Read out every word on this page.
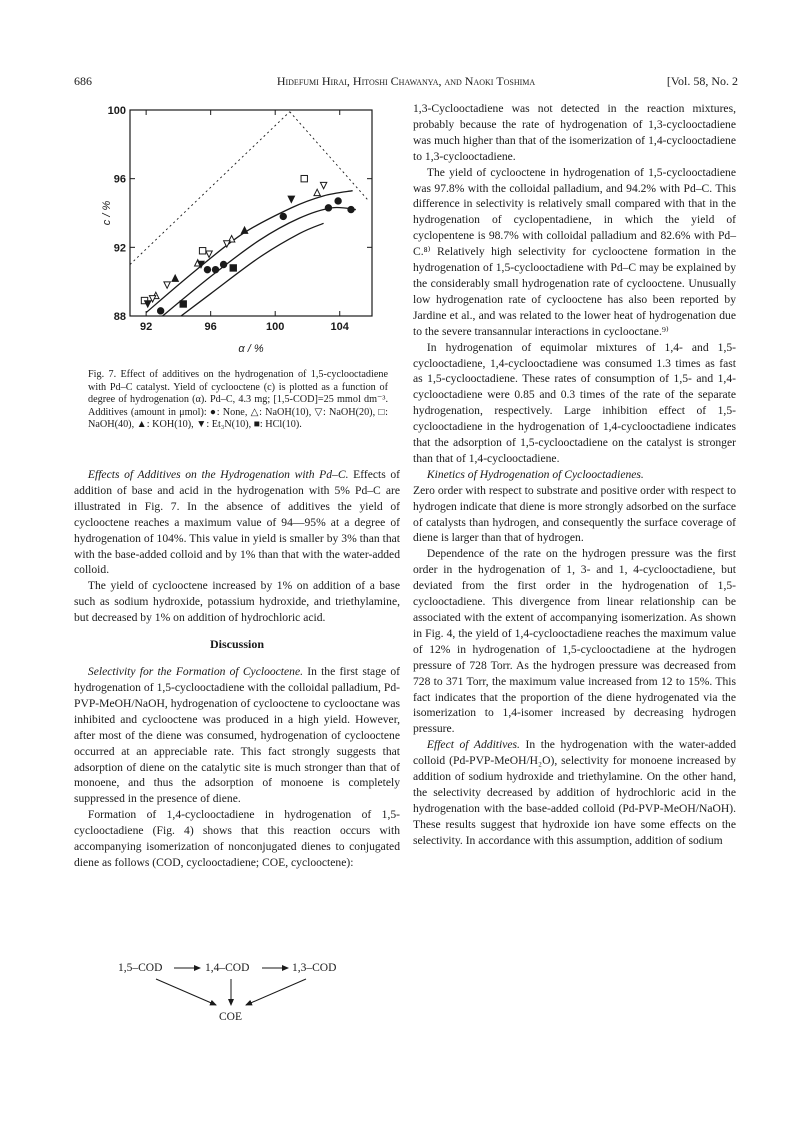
686	Hidefumi Hirai, Hitoshi Chawanya, and Naoki Toshima	[Vol. 58, No. 2
92	96	100	104
100
96
92
88
α / %
c / %
Fig. 7. Effect of additives on the hydrogenation of 1,5-cyclooctadiene with Pd–C catalyst. Yield of cyclooctene (c) is plotted as a function of degree of hydrogenation (α). Pd–C, 4.3 mg; [1,5-COD]=25 mmol dm⁻³. Additives (amount in μmol): ●: None, △: NaOH(10), ▽: NaOH(20), □: NaOH(40), ▲: KOH(10), ▼: Et₃N(10), ■: HCl(10).

Effects of Additives on the Hydrogenation with Pd–C. Effects of addition of base and acid in the hydrogenation with 5% Pd–C are illustrated in Fig. 7. In the absence of additives the yield of cyclooctene reaches a maximum value of 94—95% at a degree of hydrogenation of 104%. This value in yield is smaller by 3% than that with the base-added colloid and by 1% than that with the water-added colloid.

The yield of cyclooctene increased by 1% on addition of a base such as sodium hydroxide, potassium hydroxide, and triethylamine, but decreased by 1% on addition of hydrochloric acid.

Discussion

Selectivity for the Formation of Cyclooctene. In the first stage of hydrogenation of 1,5-cyclooctadiene with the colloidal palladium, Pd-PVP-MeOH/NaOH, hydrogenation of cyclooctene to cyclooctane was inhibited and cyclooctene was produced in a high yield. However, after most of the diene was consumed, hydrogenation of cyclooctene occurred at an appreciable rate. This fact strongly suggests that adsorption of diene on the catalytic site is much stronger than that of monoene, and thus the adsorption of monoene is completely suppressed in the presence of diene.

Formation of 1,4-cyclooctadiene in hydrogenation of 1,5-cyclooctadiene (Fig. 4) shows that this reaction occurs with accompanying isomerization of nonconjugated dienes to conjugated diene as follows (COD, cyclooctadiene; COE, cyclooctene):

1,5–COD	1,4–COD	1,3–COD
COE

1,3-Cyclooctadiene was not detected in the reaction mixtures, probably because the rate of hydrogenation of 1,3-cyclooctadiene was much higher than that of the isomerization of 1,4-cyclooctadiene to 1,3-cyclooctadiene.

The yield of cyclooctene in hydrogenation of 1,5-cyclooctadiene was 97.8% with the colloidal palladium, and 94.2% with Pd–C. This difference in selectivity is relatively small compared with that in the hydrogenation of cyclopentadiene, in which the yield of cyclopentene is 98.7% with colloidal palladium and 82.6% with Pd–C.⁸⁾ Relatively high selectivity for cyclooctene formation in the hydrogenation of 1,5-cyclooctadiene with Pd–C may be explained by the considerably small hydrogenation rate of cyclooctene. Unusually low hydrogenation rate of cyclooctene has also been reported by Jardine et al., and was related to the lower heat of hydrogenation due to the severe transannular interactions in cyclooctane.⁹⁾

In hydrogenation of equimolar mixtures of 1,4- and 1,5-cyclooctadiene, 1,4-cyclooctadiene was consumed 1.3 times as fast as 1,5-cyclooctadiene. These rates of consumption of 1,5- and 1,4-cyclooctadiene were 0.85 and 0.3 times of the rate of the separate hydrogenation, respectively. Large inhibition effect of 1,5-cyclooctadiene in the hydrogenation of 1,4-cyclooctadiene indicates that the adsorption of 1,5-cyclooctadiene on the catalyst is stronger than that of 1,4-cyclooctadiene.

Kinetics of Hydrogenation of Cyclooctadienes.
Zero order with respect to substrate and positive order with respect to hydrogen indicate that diene is more strongly adsorbed on the surface of catalysts than hydrogen, and consequently the surface coverage of diene is larger than that of hydrogen.

Dependence of the rate on the hydrogen pressure was the first order in the hydrogenation of 1, 3- and 1, 4-cyclooctadiene, but deviated from the first order in the hydrogenation of 1,5-cyclooctadiene. This divergence from linear relationship can be associated with the extent of accompanying isomerization. As shown in Fig. 4, the yield of 1,4-cyclooctadiene reaches the maximum value of 12% in hydrogenation of 1,5-cyclooctadiene at the hydrogen pressure of 728 Torr. As the hydrogen pressure was decreased from 728 to 371 Torr, the maximum value increased from 12 to 15%. This fact indicates that the proportion of the diene hydrogenated via the isomerization to 1,4-isomer increased by decreasing hydrogen pressure.

Effect of Additives. In the hydrogenation with the water-added colloid (Pd-PVP-MeOH/H₂O), selectivity for monoene increased by addition of sodium hydroxide and triethylamine. On the other hand, the selectivity decreased by addition of hydrochloric acid in the hydrogenation with the base-added colloid (Pd-PVP-MeOH/NaOH). These results suggest that hydroxide ion have some effects on the selectivity. In accordance with this assumption, addition of sodium
